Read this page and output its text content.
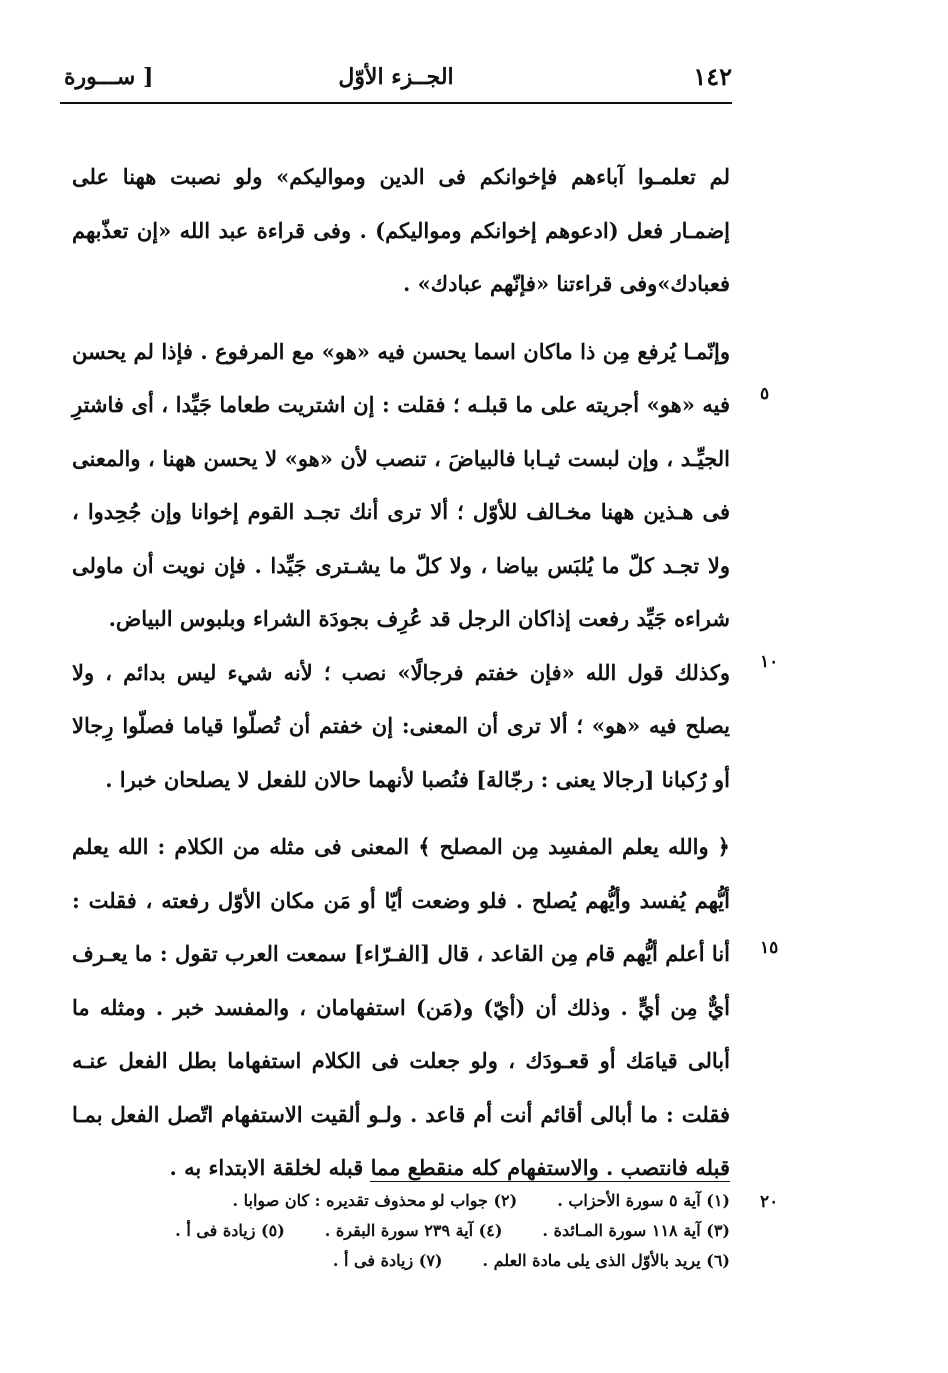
١٤٢
الجــزء الأوّل
[ ســـورة

لم تعلمـوا آباءهم فإخوانكم فى الدين ومواليكم» ولو نصبت ههنا على إضمـار فعل (ادعوهم إخوانكم ومواليكم) . وفى قراءة عبد الله «إن تعذّبهم فعبادك»وفى قراءتنا «فإنّهم عبادك» .

وإنّمـا يُرفع مِن ذا ماكان اسما يحسن فيه «هو» مع المرفوع . فإذا لم يحسن فيه «هو» أجريته على ما قبلـه ؛ فقلت : إن اشتريت طعاما جَيِّدا ، أى فاشترِ الجيِّـد ، وإن لبست ثيـابا فالبياضَ ، تنصب لأن «هو» لا يحسن ههنا ، والمعنى فى هـذين ههنا مخـالف للأوّل ؛ ألا ترى أنك تجـد القوم إخوانا وإن جُحِدوا ، ولا تجـد كلّ ما يُلبَس بياضا ، ولا كلّ ما يشـترى جَيِّدا . فإن نويت أن ماولى شراءه جَيِّد رفعت إذاكان الرجل قد عُرِف بجودَة الشراء وبلبوس البياض.

وكذلك قول الله «فإن خفتم فرجالًا» نصب ؛ لأنه شيء ليس بدائم ، ولا يصلح فيه «هو» ؛ ألا ترى أن المعنى: إن خفتم أن تُصلّوا قياما فصلّوا رِجالا أو رُكبانا [رجالا يعنى : رجّالة] فنُصبا لأنهما حالان للفعل لا يصلحان خبرا .

﴿ والله يعلم المفسِد مِن المصلح ﴾ المعنى فى مثله من الكلام : الله يعلم أيُّهم يُفسد وأيُّهم يُصلح . فلو وضعت أيّا أو مَن مكان الأوّل رفعته ، فقلت : أنا أعلم أيُّهم قام مِن القاعد ، قال [الفـرّاء] سمعت العرب تقول : ما يعـرف أيٌّ مِن أيٍّ . وذلك أن (أيّ) و(مَن) استفهامان ، والمفسد خبر . ومثله ما أبالى قيامَك أو قعـودَك ، ولو جعلت فى الكلام استفهاما بطل الفعل عنـه فقلت : ما أبالى أقائم أنت أم قاعد . ولـو ألقيت الاستفهام اتّصل الفعل بمـا قبله فانتصب . والاستفهام كله منقطع مما قبله لخلقة الابتداء به .

٥
١٠
١٥
٢٠
(١) آية ٥ سورة الأحزاب .
(٢) جواب لو محذوف تقديره : كان صوابا .
(٣) آية ١١٨ سورة المـائدة .
(٤) آية ٢٣٩ سورة البقرة .
(٥) زيادة فى أ .
(٦) يريد بالأوّل الذى يلى مادة العلم .
(٧) زيادة فى أ .
